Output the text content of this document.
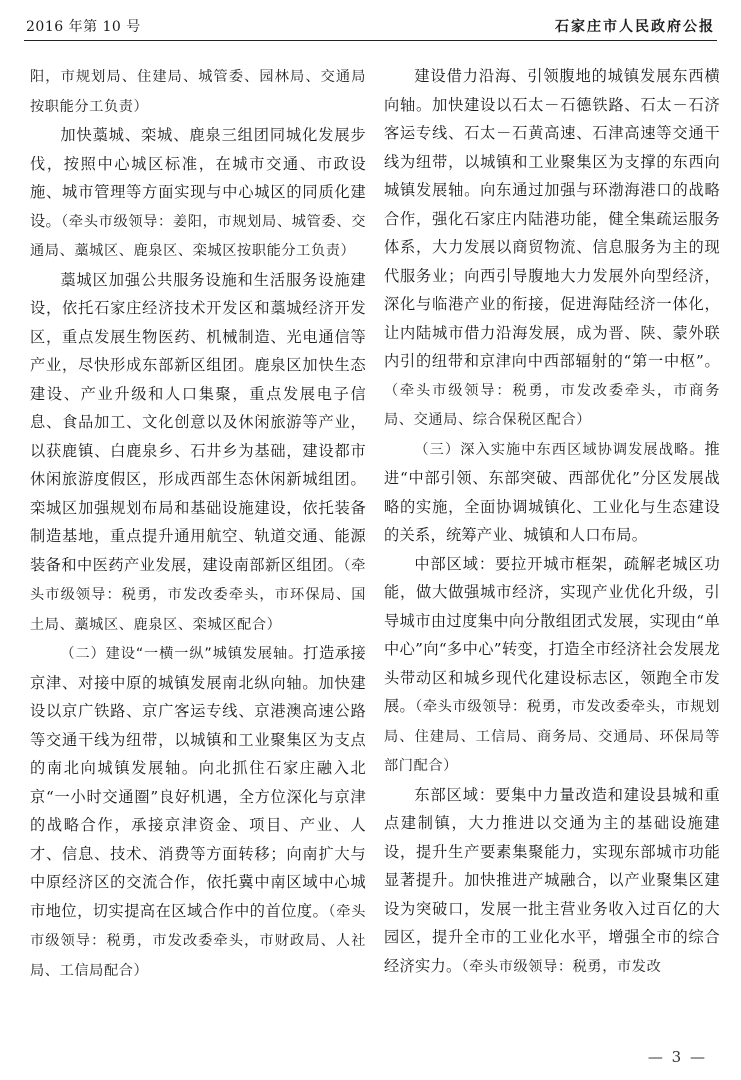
2016 年第 10 号	石家庄市人民政府公报

阳，市规划局、住建局、城管委、园林局、交通局按职能分工负责）

加快藁城、栾城、鹿泉三组团同城化发展步伐，按照中心城区标准，在城市交通、市政设施、城市管理等方面实现与中心城区的同质化建设。（牵头市级领导：姜阳，市规划局、城管委、交通局、藁城区、鹿泉区、栾城区按职能分工负责）

藁城区加强公共服务设施和生活服务设施建设，依托石家庄经济技术开发区和藁城经济开发区，重点发展生物医药、机械制造、光电通信等产业，尽快形成东部新区组团。鹿泉区加快生态建设、产业升级和人口集聚，重点发展电子信息、食品加工、文化创意以及休闲旅游等产业，以获鹿镇、白鹿泉乡、石井乡为基础，建设都市休闲旅游度假区，形成西部生态休闲新城组团。栾城区加强规划布局和基础设施建设，依托装备制造基地，重点提升通用航空、轨道交通、能源装备和中医药产业发展，建设南部新区组团。（牵头市级领导：税勇，市发改委牵头，市环保局、国土局、藁城区、鹿泉区、栾城区配合）

（二）建设“一横一纵”城镇发展轴。打造承接京津、对接中原的城镇发展南北纵向轴。加快建设以京广铁路、京广客运专线、京港澳高速公路等交通干线为纽带，以城镇和工业聚集区为支点的南北向城镇发展轴。向北抓住石家庄融入北京“一小时交通圈”良好机遇，全方位深化与京津的战略合作，承接京津资金、项目、产业、人才、信息、技术、消费等方面转移；向南扩大与中原经济区的交流合作，依托冀中南区域中心城市地位，切实提高在区域合作中的首位度。（牵头市级领导：税勇，市发改委牵头，市财政局、人社局、工信局配合）

建设借力沿海、引领腹地的城镇发展东西横向轴。加快建设以石太－石德铁路、石太－石济客运专线、石太－石黄高速、石津高速等交通干线为纽带，以城镇和工业聚集区为支撑的东西向城镇发展轴。向东通过加强与环渤海港口的战略合作，强化石家庄内陆港功能，健全集疏运服务体系，大力发展以商贸物流、信息服务为主的现代服务业；向西引导腹地大力发展外向型经济，深化与临港产业的衔接，促进海陆经济一体化，让内陆城市借力沿海发展，成为晋、陕、蒙外联内引的纽带和京津向中西部辐射的“第一中枢”。（牵头市级领导：税勇，市发改委牵头，市商务局、交通局、综合保税区配合）

（三）深入实施中东西区域协调发展战略。推进“中部引领、东部突破、西部优化”分区发展战略的实施，全面协调城镇化、工业化与生态建设的关系，统筹产业、城镇和人口布局。

中部区域：要拉开城市框架，疏解老城区功能，做大做强城市经济，实现产业优化升级，引导城市由过度集中向分散组团式发展，实现由“单中心”向“多中心”转变，打造全市经济社会发展龙头带动区和城乡现代化建设标志区，领跑全市发展。（牵头市级领导：税勇，市发改委牵头，市规划局、住建局、工信局、商务局、交通局、环保局等部门配合）

东部区域：要集中力量改造和建设县城和重点建制镇，大力推进以交通为主的基础设施建设，提升生产要素集聚能力，实现东部城市功能显著提升。加快推进产城融合，以产业聚集区建设为突破口，发展一批主营业务收入过百亿的大园区，提升全市的工业化水平，增强全市的综合经济实力。（牵头市级领导：税勇，市发改

— 3 —
